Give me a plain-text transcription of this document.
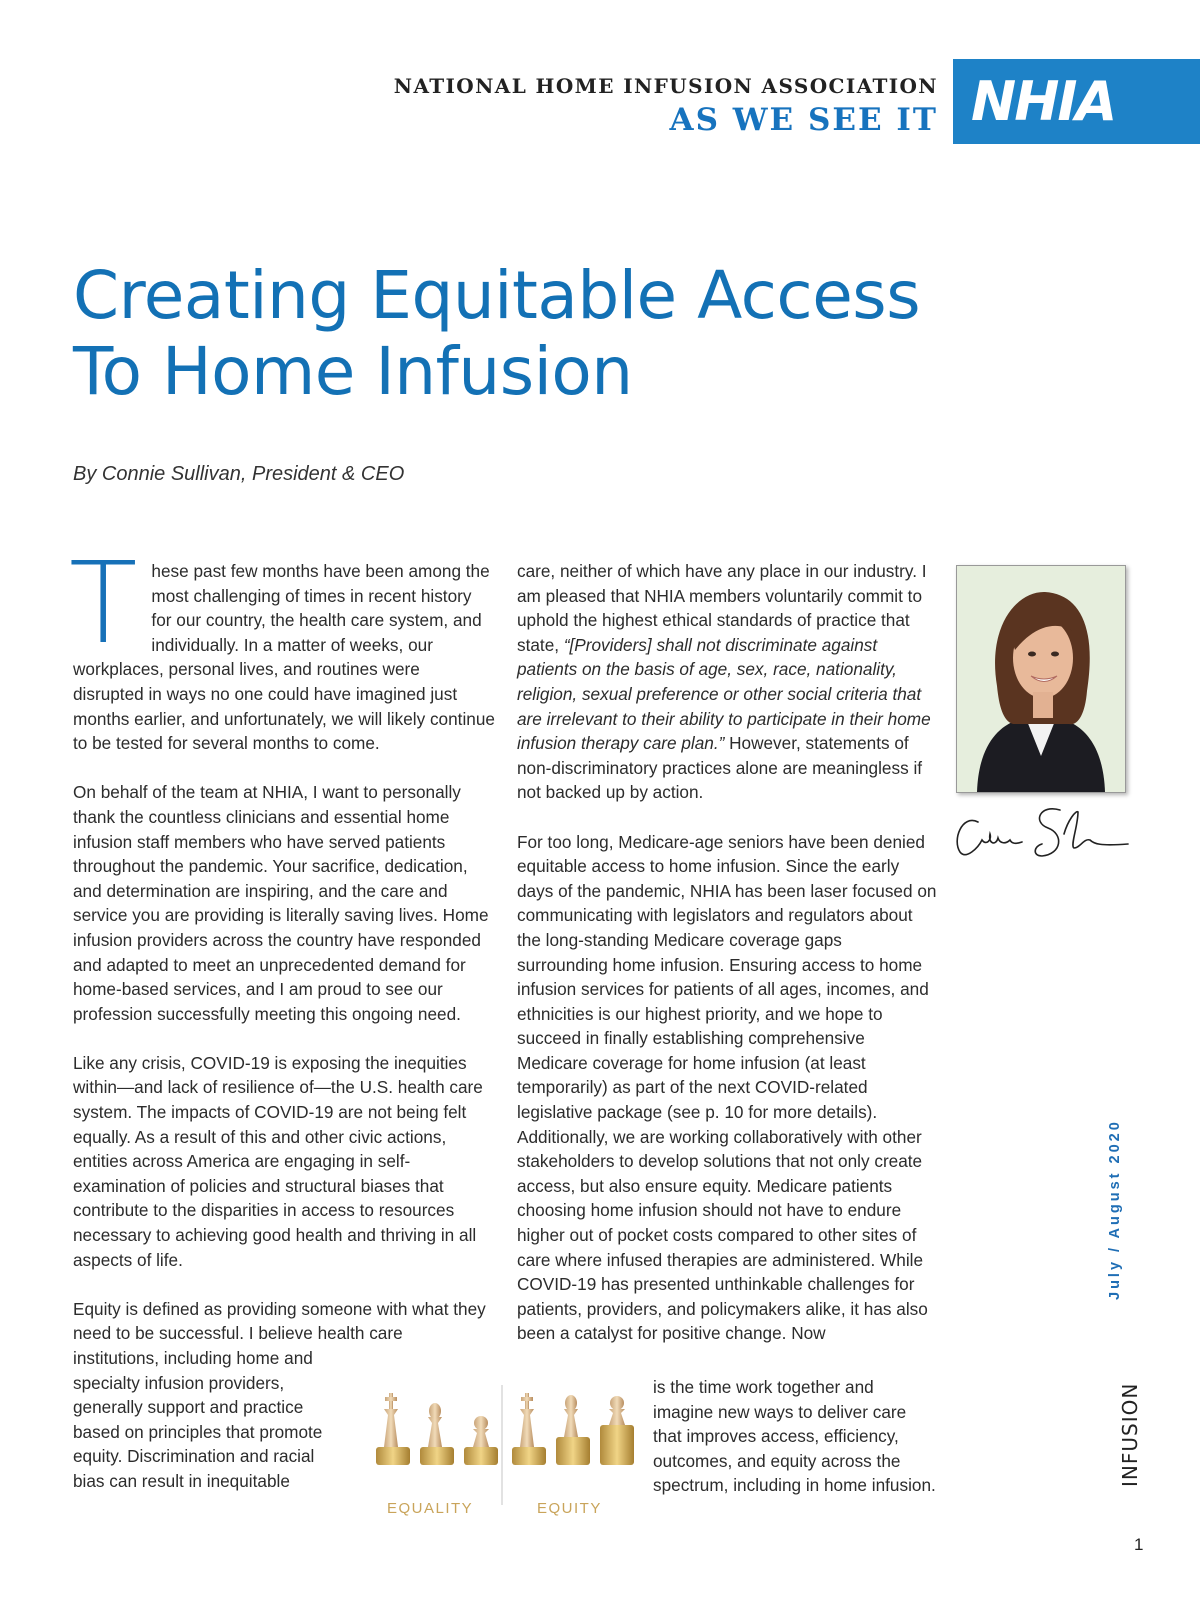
NATIONAL HOME INFUSION ASSOCIATION
AS WE SEE IT NHIA
Creating Equitable Access
To Home Infusion
By Connie Sullivan, President & CEO

These past few months have been among the most challenging of times in recent history for our country, the health care system, and individually. In a matter of weeks, our workplaces, personal lives, and routines were disrupted in ways no one could have imagined just months earlier, and unfortunately, we will likely continue to be tested for several months to come.

On behalf of the team at NHIA, I want to personally thank the countless clinicians and essential home infusion staff members who have served patients throughout the pandemic. Your sacrifice, dedication, and determination are inspiring, and the care and service you are providing is literally saving lives. Home infusion providers across the country have responded and adapted to meet an unprecedented demand for home-based services, and I am proud to see our profession successfully meeting this ongoing need.

Like any crisis, COVID-19 is exposing the inequities within—and lack of resilience of—the U.S. health care system. The impacts of COVID-19 are not being felt equally. As a result of this and other civic actions, entities across America are engaging in self-examination of policies and structural biases that contribute to the disparities in access to resources necessary to achieving good health and thriving in all aspects of life.

Equity is defined as providing someone with what they need to be successful. I believe health care

institutions, including home and specialty infusion providers, generally support and practice based on principles that promote equity. Discrimination and racial bias can result in inequitable

care, neither of which have any place in our industry. I am pleased that NHIA members voluntarily commit to uphold the highest ethical standards of practice that state, “[Providers] shall not discriminate against patients on the basis of age, sex, race, nationality, religion, sexual preference or other social criteria that are irrelevant to their ability to participate in their home infusion therapy care plan.” However, statements of non-discriminatory practices alone are meaningless if not backed up by action.

For too long, Medicare-age seniors have been denied equitable access to home infusion. Since the early days of the pandemic, NHIA has been laser focused on communicating with legislators and regulators about the long-standing Medicare coverage gaps surrounding home infusion. Ensuring access to home infusion services for patients of all ages, incomes, and ethnicities is our highest priority, and we hope to succeed in finally establishing comprehensive Medicare coverage for home infusion (at least temporarily) as part of the next COVID-related legislative package (see p. 10 for more details). Additionally, we are working collaboratively with other stakeholders to develop solutions that not only create access, but also ensure equity. Medicare patients choosing home infusion should not have to endure higher out of pocket costs compared to other sites of care where infused therapies are administered. While COVID-19 has presented unthinkable challenges for patients, providers, and policymakers alike, it has also been a catalyst for positive change. Now

is the time work together and imagine new ways to deliver care that improves access, efficiency, outcomes, and equity across the spectrum, including in home infusion.
EQUALITY	EQUITY
July / August 2020
INFUSION
1
